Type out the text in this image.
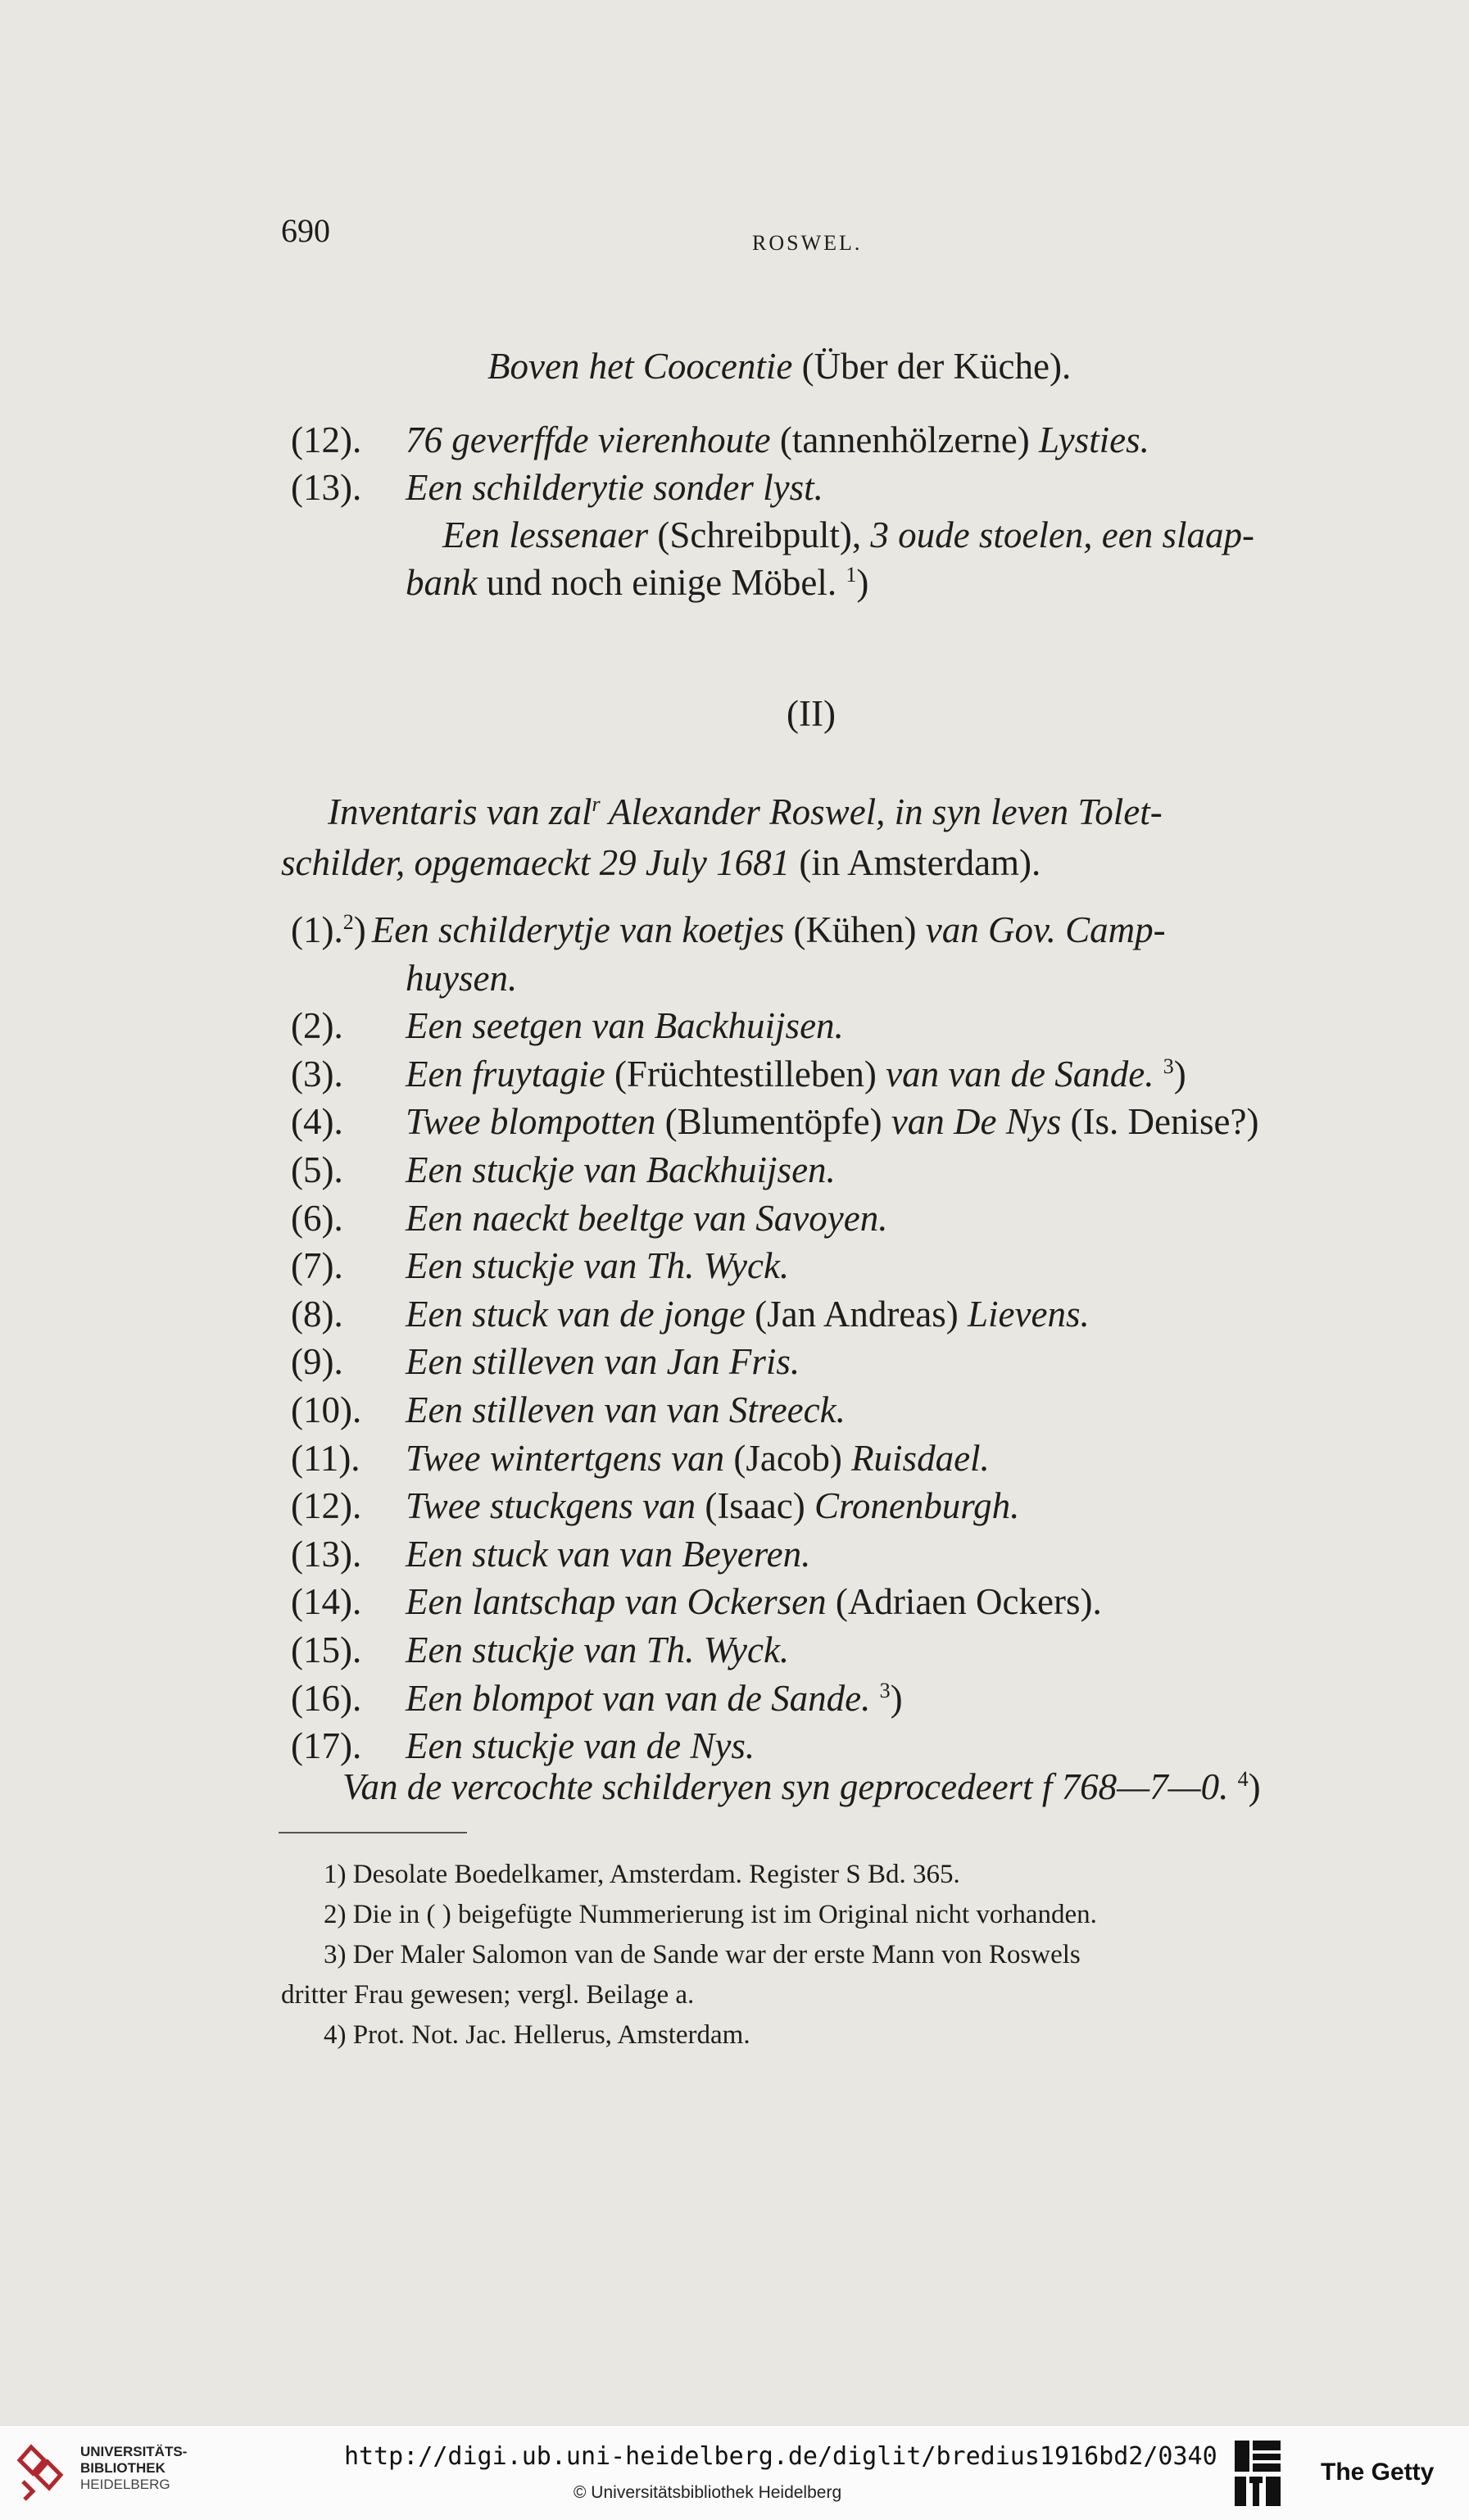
690	ROSWEL.
Boven het Coocentie (Über der Küche).
(12). 76 geverffde vierenhoute (tannenhölzerne) Lysties.
(13). Een schilderytie sonder lyst.
Een lessenaer (Schreibpult), 3 oude stoelen, een slaap-
bank und noch einige Möbel. $^1$)
(II)
Inventaris van zal$^r$ Alexander Roswel, in syn leven Tolet-
schilder, opgemaeckt 29 July 1681 (in Amsterdam).
(1).$^2$) Een schilderytje van koetjes (Kühen) van Gov. Camp-
huysen.
(2). Een seetgen van Backhuijsen.
(3). Een fruytagie (Früchtestilleben) van van de Sande. $^3$)
(4). Twee blompotten (Blumentöpfe) van De Nys (Is. Denise?)
(5). Een stuckje van Backhuijsen.
(6). Een naeckt beeltge van Savoyen.
(7). Een stuckje van Th. Wyck.
(8). Een stuck van de jonge (Jan Andreas) Lievens.
(9). Een stilleven van Jan Fris.
(10). Een stilleven van van Streeck.
(11). Twee wintertgens van (Jacob) Ruisdael.
(12). Twee stuckgens van (Isaac) Cronenburgh.
(13). Een stuck van van Beyeren.
(14). Een lantschap van Ockersen (Adriaen Ockers).
(15). Een stuckje van Th. Wyck.
(16). Een blompot van van de Sande. $^3$)
(17). Een stuckje van de Nys.
Van de vercochte schilderyen syn geprocedeert f 768—7—0. $^4$)
1) Desolate Boedelkamer, Amsterdam. Register S Bd. 365.
2) Die in ( ) beigefügte Nummerierung ist im Original nicht vorhanden.
3) Der Maler Salomon van de Sande war der erste Mann von Roswels
dritter Frau gewesen; vergl. Beilage a.
4) Prot. Not. Jac. Hellerus, Amsterdam.
UNIVERSITÄTS-
BIBLIOTHEK
HEIDELBERG
http://digi.ub.uni-heidelberg.de/diglit/bredius1916bd2/0340
© Universitätsbibliothek Heidelberg
The Getty
